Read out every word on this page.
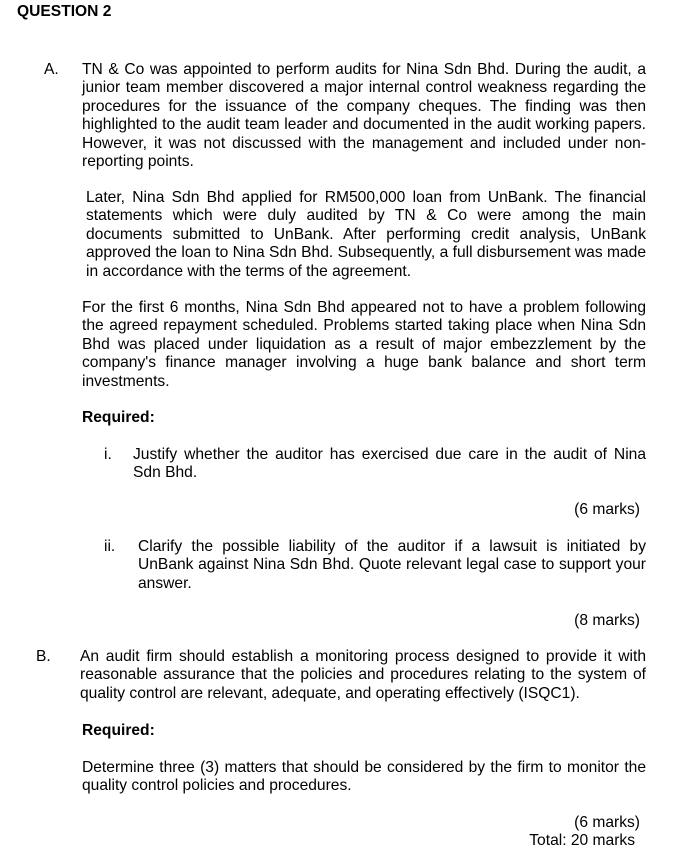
QUESTION 2
A. TN & Co was appointed to perform audits for Nina Sdn Bhd. During the audit, a junior team member discovered a major internal control weakness regarding the procedures for the issuance of the company cheques. The finding was then highlighted to the audit team leader and documented in the audit working papers. However, it was not discussed with the management and included under non-reporting points.
Later, Nina Sdn Bhd applied for RM500,000 loan from UnBank. The financial statements which were duly audited by TN & Co were among the main documents submitted to UnBank. After performing credit analysis, UnBank approved the loan to Nina Sdn Bhd. Subsequently, a full disbursement was made in accordance with the terms of the agreement.
For the first 6 months, Nina Sdn Bhd appeared not to have a problem following the agreed repayment scheduled. Problems started taking place when Nina Sdn Bhd was placed under liquidation as a result of major embezzlement by the company's finance manager involving a huge bank balance and short term investments.
Required:
i. Justify whether the auditor has exercised due care in the audit of Nina Sdn Bhd.
(6 marks)
ii. Clarify the possible liability of the auditor if a lawsuit is initiated by UnBank against Nina Sdn Bhd. Quote relevant legal case to support your answer.
(8 marks)
B. An audit firm should establish a monitoring process designed to provide it with reasonable assurance that the policies and procedures relating to the system of quality control are relevant, adequate, and operating effectively (ISQC1).
Required:
Determine three (3) matters that should be considered by the firm to monitor the quality control policies and procedures.
(6 marks)
Total: 20 marks
